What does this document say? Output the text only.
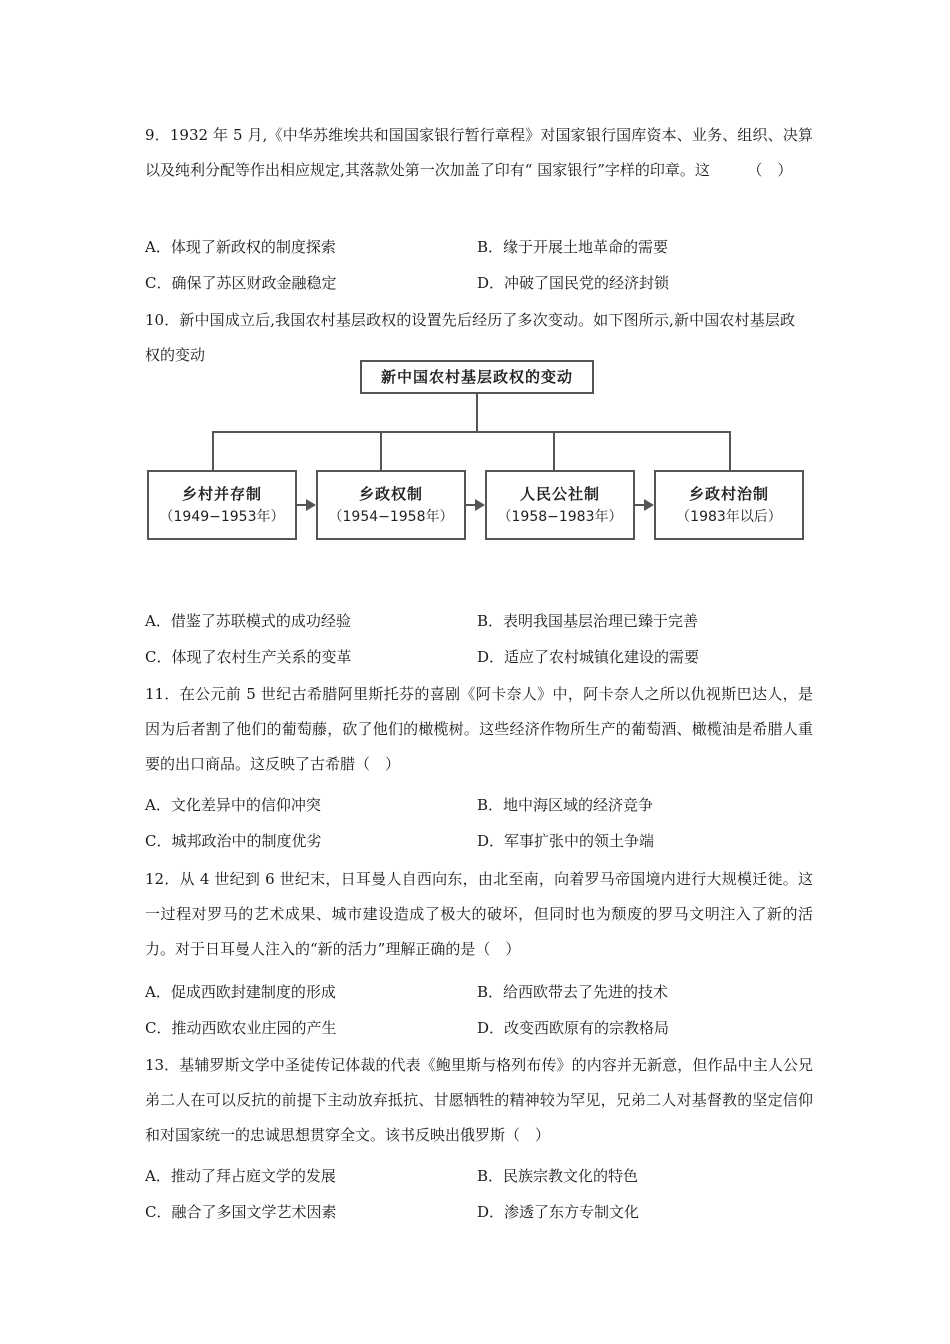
9．1932 年 5 月,《中华苏维埃共和国国家银行暂行章程》对国家银行国库资本、业务、组织、决算以及纯利分配等作出相应规定,其落款处第一次加盖了印有“ 国家银行”字样的印章。这　　　（　）
A．体现了新政权的制度探索	B．缘于开展土地革命的需要
C．确保了苏区财政金融稳定	D．冲破了国民党的经济封锁
10．新中国成立后,我国农村基层政权的设置先后经历了多次变动。如下图所示,新中国农村基层政权的变动
新中国农村基层政权的变动
乡村并存制
（1949−1953年）
乡政权制
（1954−1958年）
人民公社制
（1958−1983年）
乡政村治制
（1983年以后）
A．借鉴了苏联模式的成功经验	B．表明我国基层治理已臻于完善
C．体现了农村生产关系的变革	D．适应了农村城镇化建设的需要
11．在公元前 5 世纪古希腊阿里斯托芬的喜剧《阿卡奈人》中，阿卡奈人之所以仇视斯巴达人，是因为后者割了他们的葡萄藤，砍了他们的橄榄树。这些经济作物所生产的葡萄酒、橄榄油是希腊人重要的出口商品。这反映了古希腊（　）
A．文化差异中的信仰冲突	B．地中海区域的经济竞争
C．城邦政治中的制度优劣	D．军事扩张中的领土争端
12．从 4 世纪到 6 世纪末，日耳曼人自西向东，由北至南，向着罗马帝国境内进行大规模迁徙。这一过程对罗马的艺术成果、城市建设造成了极大的破坏，但同时也为颓废的罗马文明注入了新的活力。对于日耳曼人注入的“新的活力”理解正确的是（　）
A．促成西欧封建制度的形成	B．给西欧带去了先进的技术
C．推动西欧农业庄园的产生	D．改变西欧原有的宗教格局
13．基辅罗斯文学中圣徒传记体裁的代表《鲍里斯与格列布传》的内容并无新意，但作品中主人公兄弟二人在可以反抗的前提下主动放弃抵抗、甘愿牺牲的精神较为罕见，兄弟二人对基督教的坚定信仰和对国家统一的忠诚思想贯穿全文。该书反映出俄罗斯（　）
A．推动了拜占庭文学的发展	B．民族宗教文化的特色
C．融合了多国文学艺术因素	D．渗透了东方专制文化
